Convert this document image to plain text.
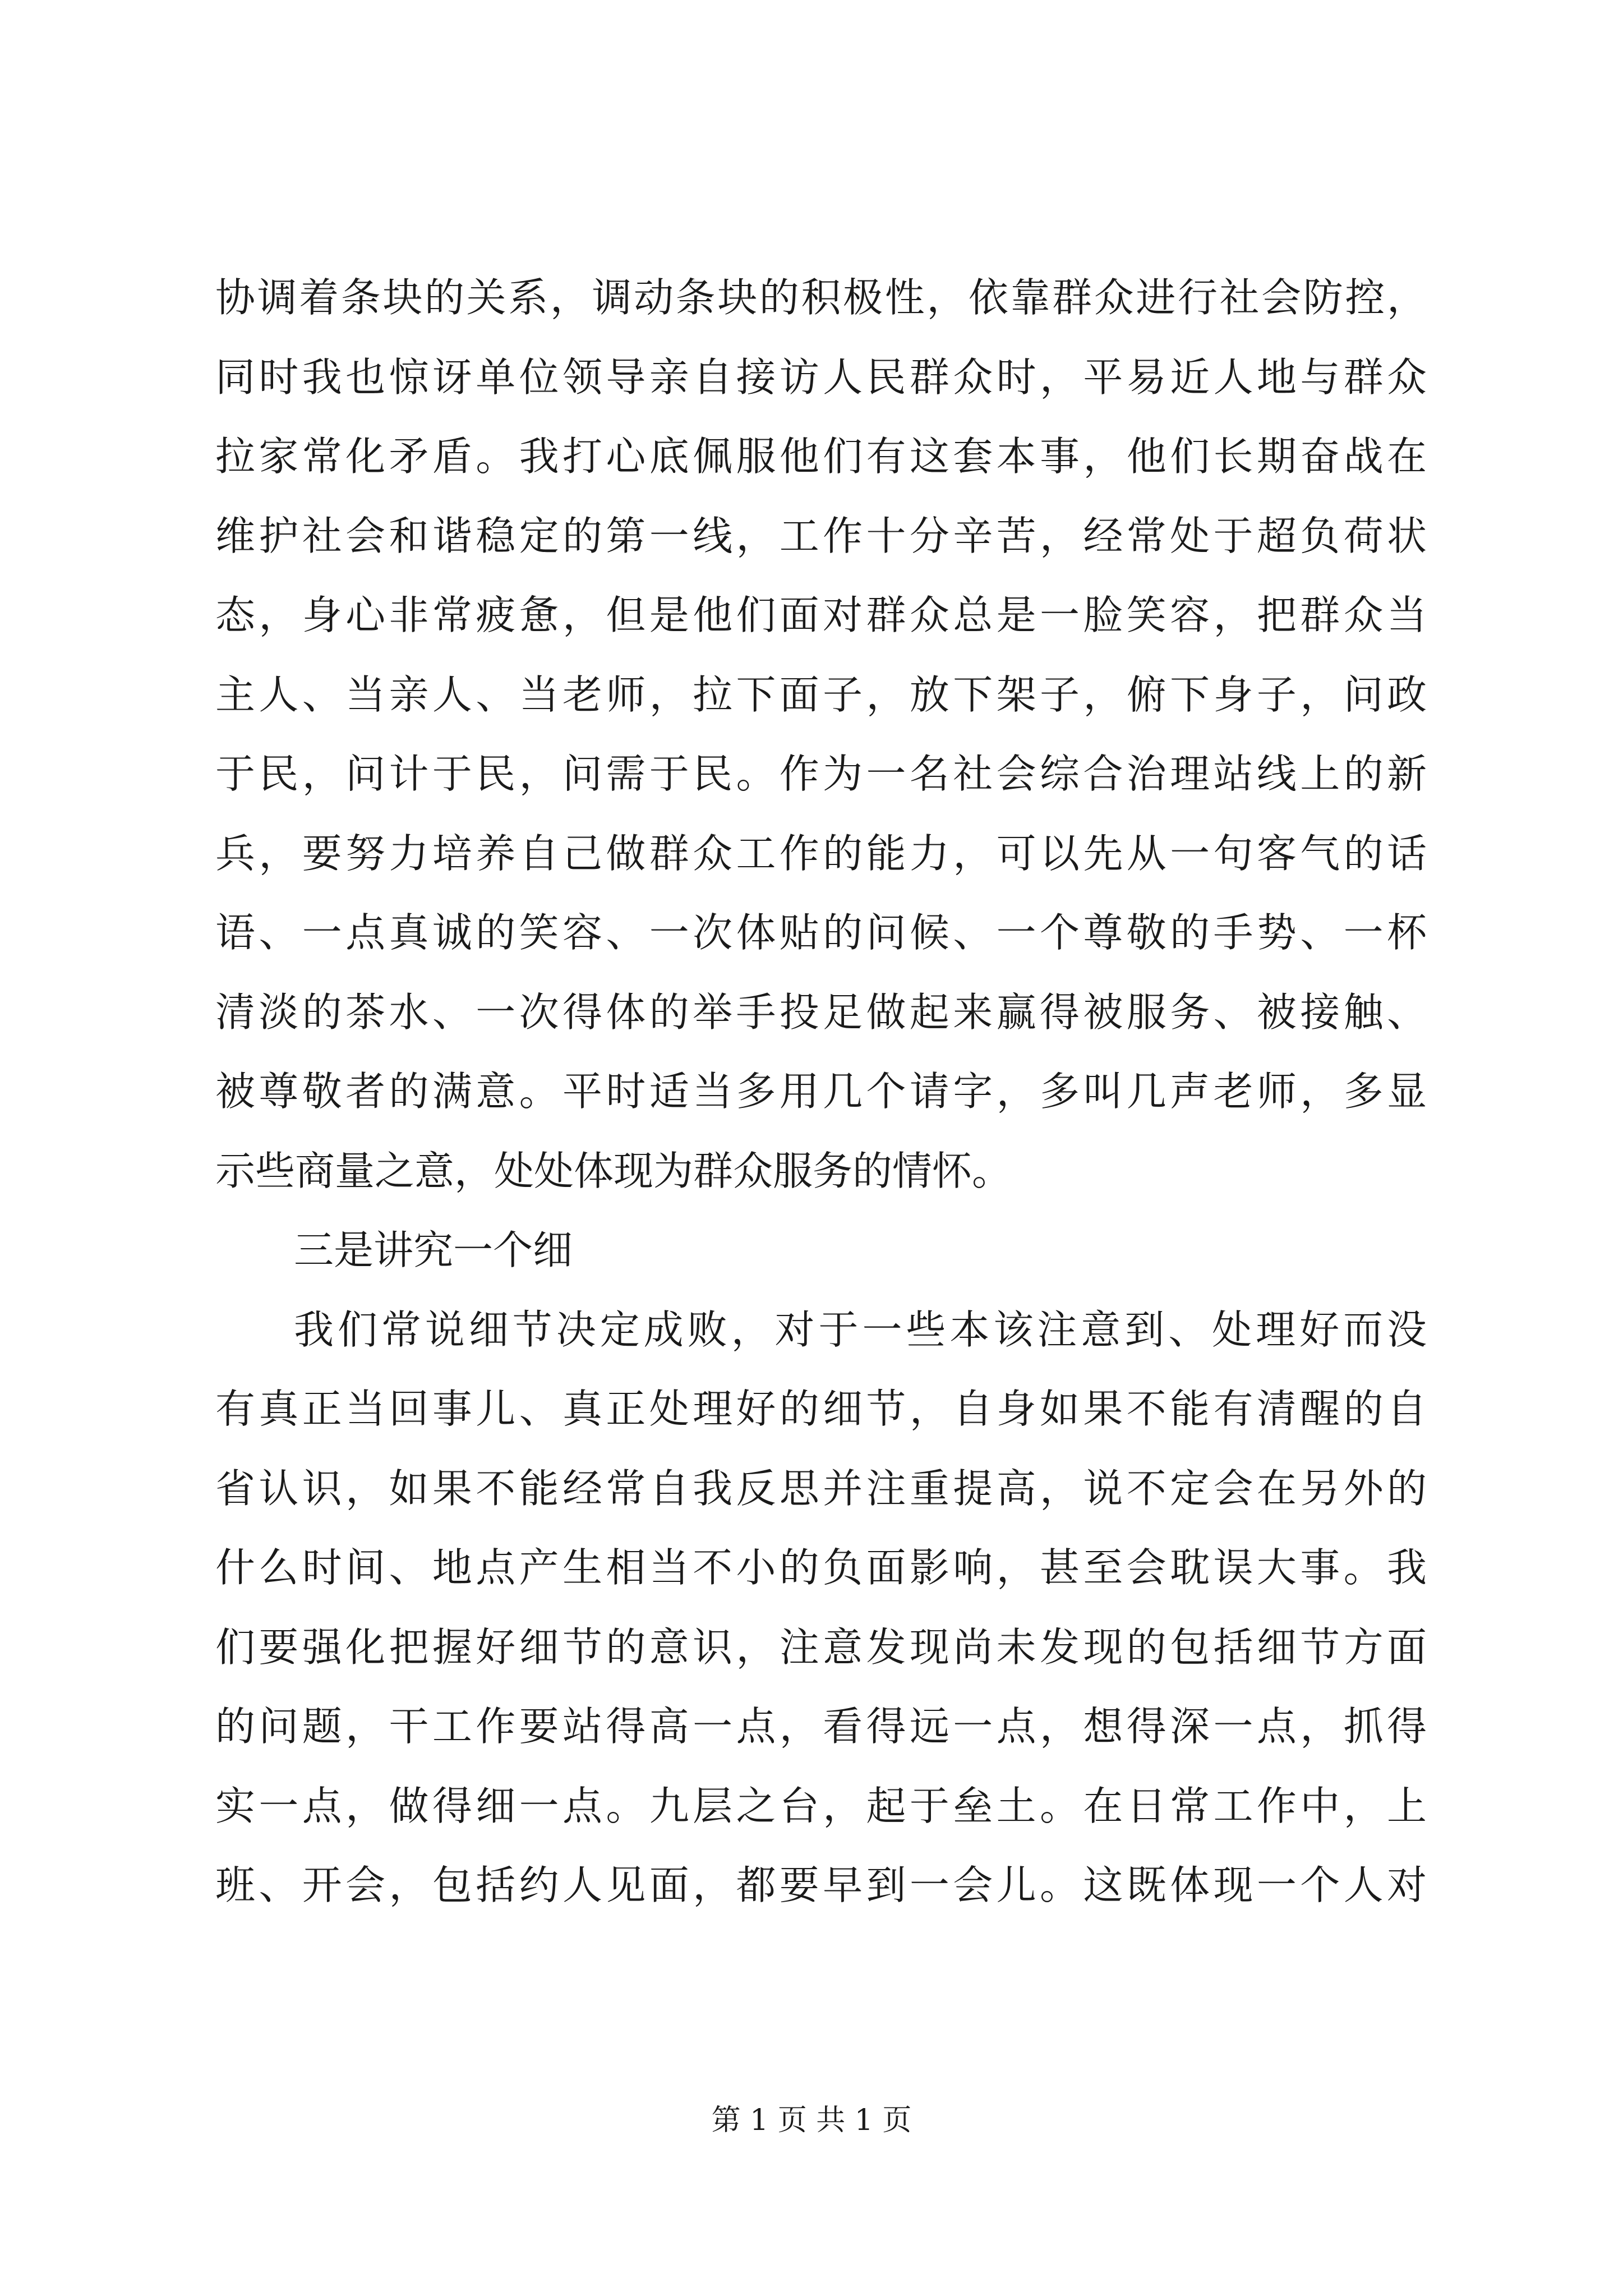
协调着条块的关系，调动条块的积极性，依靠群众进行社会防控，
同时我也惊讶单位领导亲自接访人民群众时，平易近人地与群众
拉家常化矛盾。我打心底佩服他们有这套本事，他们长期奋战在
维护社会和谐稳定的第一线，工作十分辛苦，经常处于超负荷状
态，身心非常疲惫，但是他们面对群众总是一脸笑容，把群众当
主人、当亲人、当老师，拉下面子，放下架子，俯下身子，问政
于民，问计于民，问需于民。作为一名社会综合治理站线上的新
兵，要努力培养自己做群众工作的能力，可以先从一句客气的话
语、一点真诚的笑容、一次体贴的问候、一个尊敬的手势、一杯
清淡的茶水、一次得体的举手投足做起来赢得被服务、被接触、
被尊敬者的满意。平时适当多用几个请字，多叫几声老师，多显
示些商量之意，处处体现为群众服务的情怀。
三是讲究一个细
我们常说细节决定成败，对于一些本该注意到、处理好而没
有真正当回事儿、真正处理好的细节，自身如果不能有清醒的自
省认识，如果不能经常自我反思并注重提高，说不定会在另外的
什么时间、地点产生相当不小的负面影响，甚至会耽误大事。我
们要强化把握好细节的意识，注意发现尚未发现的包括细节方面
的问题，干工作要站得高一点，看得远一点，想得深一点，抓得
实一点，做得细一点。九层之台，起于垒土。在日常工作中，上
班、开会，包括约人见面，都要早到一会儿。这既体现一个人对
第 1 页 共 1 页
